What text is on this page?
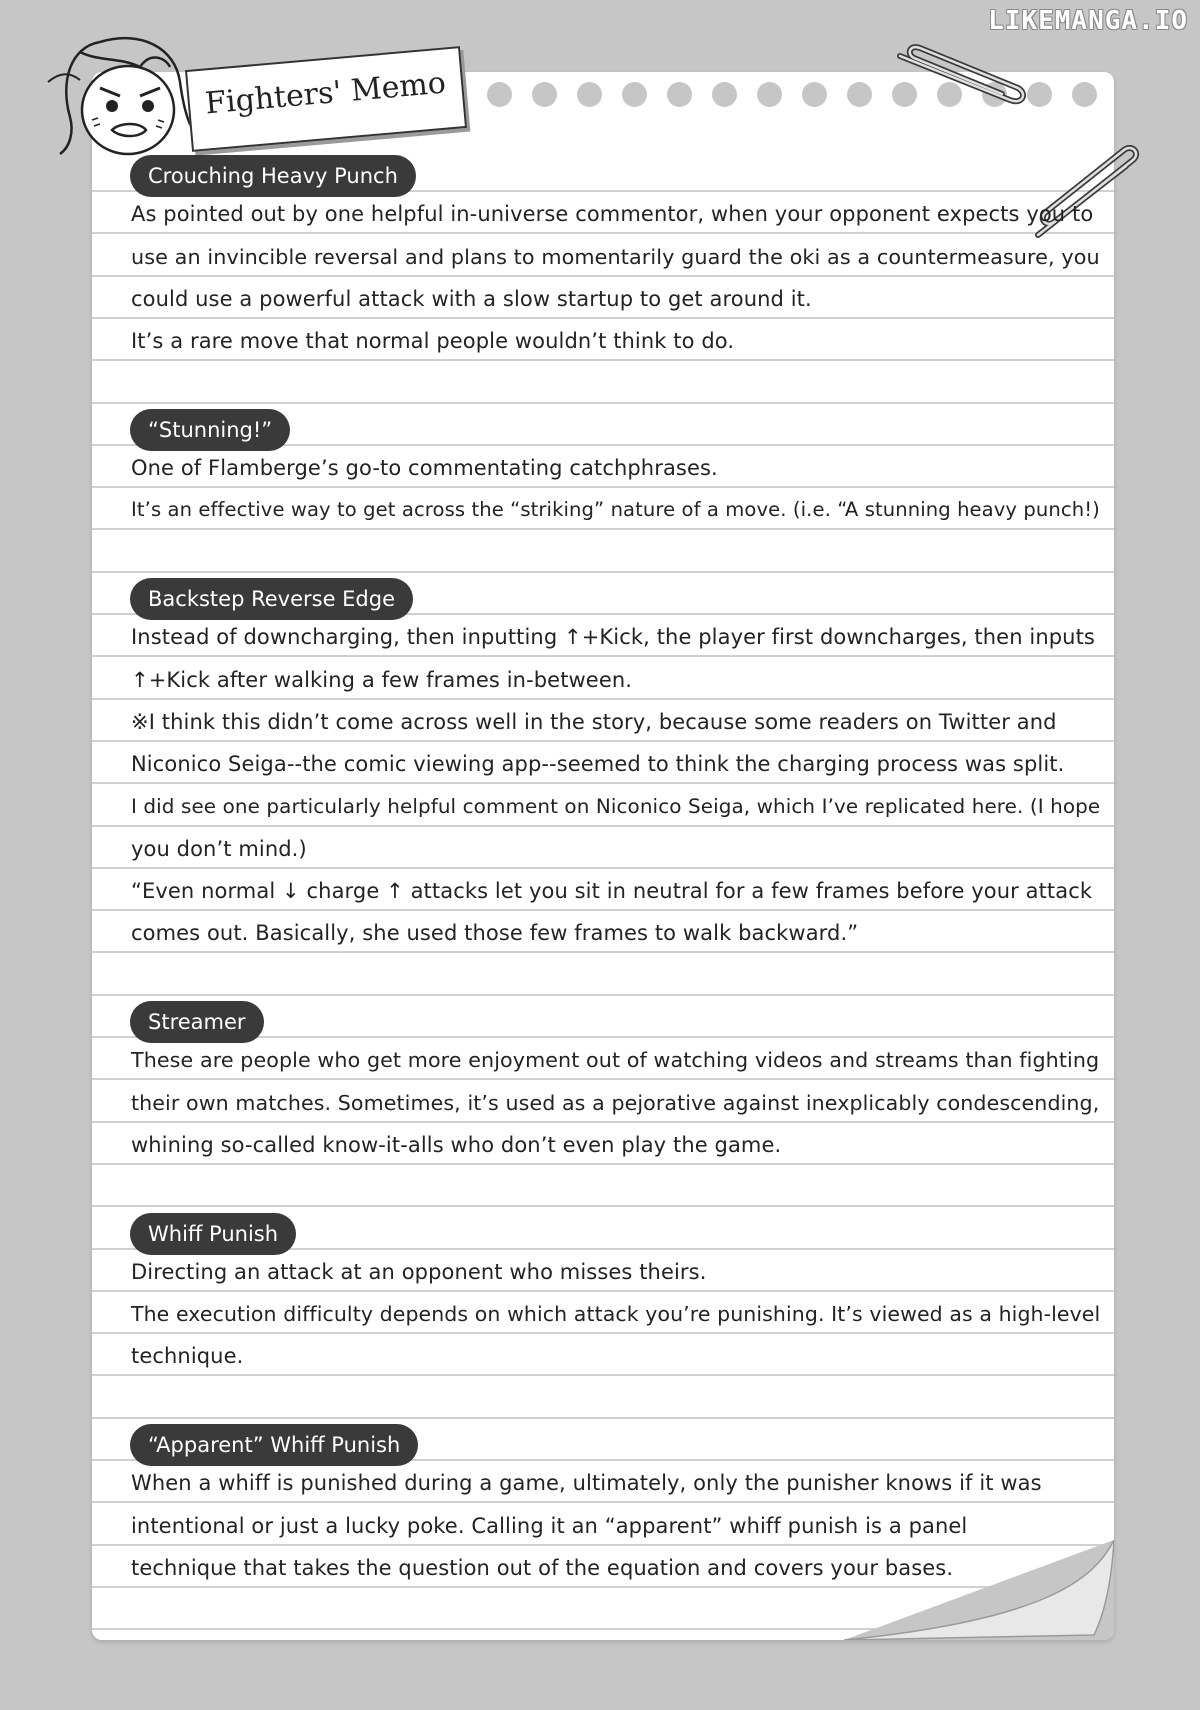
LIKEMANGA.IO
Fighters' Memo
Crouching Heavy Punch
As pointed out by one helpful in-universe commentor, when your opponent expects you to
use an invincible reversal and plans to momentarily guard the oki as a countermeasure, you
could use a powerful attack with a slow startup to get around it.
It’s a rare move that normal people wouldn’t think to do.
“Stunning!”
One of Flamberge’s go-to commentating catchphrases.
It’s an effective way to get across the “striking” nature of a move. (i.e. “A stunning heavy punch!)
Backstep Reverse Edge
Instead of downcharging, then inputting ↑+Kick, the player first downcharges, then inputs
↑+Kick after walking a few frames in-between.
※I think this didn’t come across well in the story, because some readers on Twitter and
Niconico Seiga--the comic viewing app--seemed to think the charging process was split.
I did see one particularly helpful comment on Niconico Seiga, which I’ve replicated here. (I hope
you don’t mind.)
“Even normal ↓ charge ↑ attacks let you sit in neutral for a few frames before your attack
comes out. Basically, she used those few frames to walk backward.”
Streamer
These are people who get more enjoyment out of watching videos and streams than fighting
their own matches. Sometimes, it’s used as a pejorative against inexplicably condescending,
whining so-called know-it-alls who don’t even play the game.
Whiff Punish
Directing an attack at an opponent who misses theirs.
The execution difficulty depends on which attack you’re punishing. It’s viewed as a high-level
technique.
“Apparent” Whiff Punish
When a whiff is punished during a game, ultimately, only the punisher knows if it was
intentional or just a lucky poke. Calling it an “apparent” whiff punish is a panel
technique that takes the question out of the equation and covers your bases.
